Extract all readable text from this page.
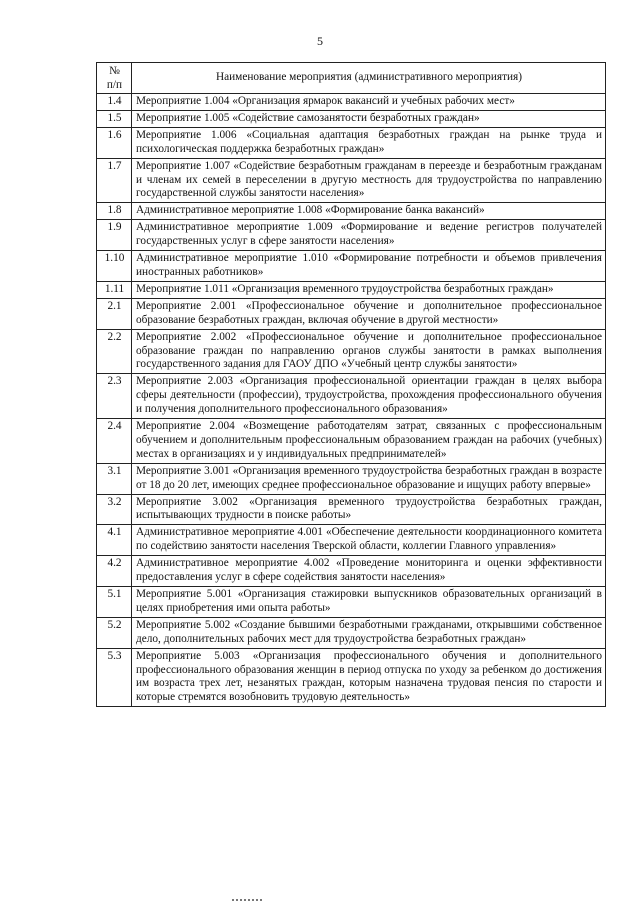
5
№
п/п	Наименование мероприятия (административного мероприятия)
1.4	Мероприятие 1.004 «Организация ярмарок вакансий и учебных рабочих мест»
1.5	Мероприятие 1.005 «Содействие самозанятости безработных граждан»
1.6	Мероприятие 1.006 «Социальная адаптация безработных граждан на рынке труда и психологическая поддержка безработных граждан»
1.7	Мероприятие 1.007 «Содействие безработным гражданам в переезде и безработным гражданам и членам их семей в переселении в другую местность для трудоустройства по направлению государственной службы занятости населения»
1.8	Административное мероприятие 1.008 «Формирование банка вакансий»
1.9	Административное мероприятие 1.009 «Формирование и ведение регистров получателей государственных услуг в сфере занятости населения»
1.10	Административное мероприятие 1.010 «Формирование потребности и объемов привлечения иностранных работников»
1.11	Мероприятие 1.011 «Организация временного трудоустройства безработных граждан»
2.1	Мероприятие 2.001 «Профессиональное обучение и дополнительное профессиональное образование безработных граждан, включая обучение в другой местности»
2.2	Мероприятие 2.002 «Профессиональное обучение и дополнительное профессиональное образование граждан по направлению органов службы занятости в рамках выполнения государственного задания для ГАОУ ДПО «Учебный центр службы занятости»
2.3	Мероприятие 2.003 «Организация профессиональной ориентации граждан в целях выбора сферы деятельности (профессии), трудоустройства, прохождения профессионального обучения и получения дополнительного профессионального образования»
2.4	Мероприятие 2.004 «Возмещение работодателям затрат, связанных с профессиональным обучением и дополнительным профессиональным образованием граждан на рабочих (учебных) местах в организациях и у индивидуальных предпринимателей»
3.1	Мероприятие 3.001 «Организация временного трудоустройства безработных граждан в возрасте от 18 до 20 лет, имеющих среднее профессиональное образование и ищущих работу впервые»
3.2	Мероприятие 3.002 «Организация временного трудоустройства безработных граждан, испытывающих трудности в поиске работы»
4.1	Административное мероприятие 4.001 «Обеспечение деятельности координационного комитета по содействию занятости населения Тверской области, коллегии Главного управления»
4.2	Административное мероприятие 4.002 «Проведение мониторинга и оценки эффективности предоставления услуг в сфере содействия занятости населения»
5.1	Мероприятие 5.001 «Организация стажировки выпускников образовательных организаций в целях приобретения ими опыта работы»
5.2	Мероприятие 5.002 «Создание бывшими безработными гражданами, открывшими собственное дело, дополнительных рабочих мест для трудоустройства безработных граждан»
5.3	Мероприятие 5.003 «Организация профессионального обучения и дополнительного профессионального образования женщин в период отпуска по уходу за ребенком до достижения им возраста трех лет, незанятых граждан, которым назначена трудовая пенсия по старости и которые стремятся возобновить трудовую деятельность»
